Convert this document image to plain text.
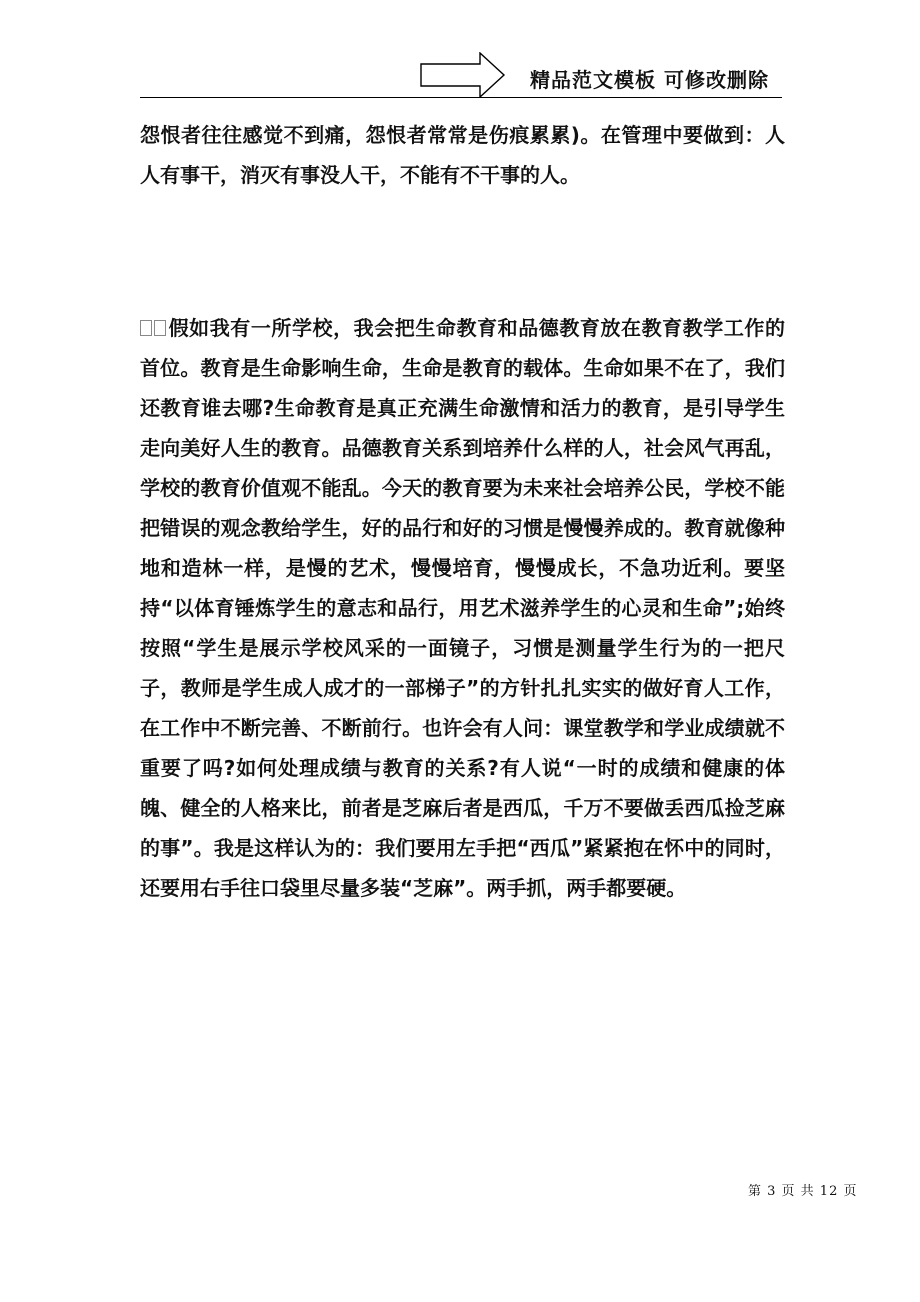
精品范文模板 可修改删除

怨恨者往往感觉不到痛，怨恨者常常是伤痕累累)。在管理中要做到：人人有事干，消灭有事没人干，不能有不干事的人。

假如我有一所学校，我会把生命教育和品德教育放在教育教学工作的首位。教育是生命影响生命，生命是教育的载体。生命如果不在了，我们还教育谁去哪?生命教育是真正充满生命激情和活力的教育，是引导学生走向美好人生的教育。品德教育关系到培养什么样的人，社会风气再乱，学校的教育价值观不能乱。今天的教育要为未来社会培养公民，学校不能把错误的观念教给学生，好的品行和好的习惯是慢慢养成的。教育就像种地和造林一样，是慢的艺术，慢慢培育，慢慢成长，不急功近利。要坚持“以体育锤炼学生的意志和品行，用艺术滋养学生的心灵和生命”;始终按照“学生是展示学校风采的一面镜子，习惯是测量学生行为的一把尺子，教师是学生成人成才的一部梯子”的方针扎扎实实的做好育人工作，在工作中不断完善、不断前行。也许会有人问：课堂教学和学业成绩就不重要了吗?如何处理成绩与教育的关系?有人说“一时的成绩和健康的体魄、健全的人格来比，前者是芝麻后者是西瓜，千万不要做丢西瓜捡芝麻的事”。我是这样认为的：我们要用左手把“西瓜”紧紧抱在怀中的同时，还要用右手往口袋里尽量多装“芝麻”。两手抓，两手都要硬。

第 3 页 共 12 页
